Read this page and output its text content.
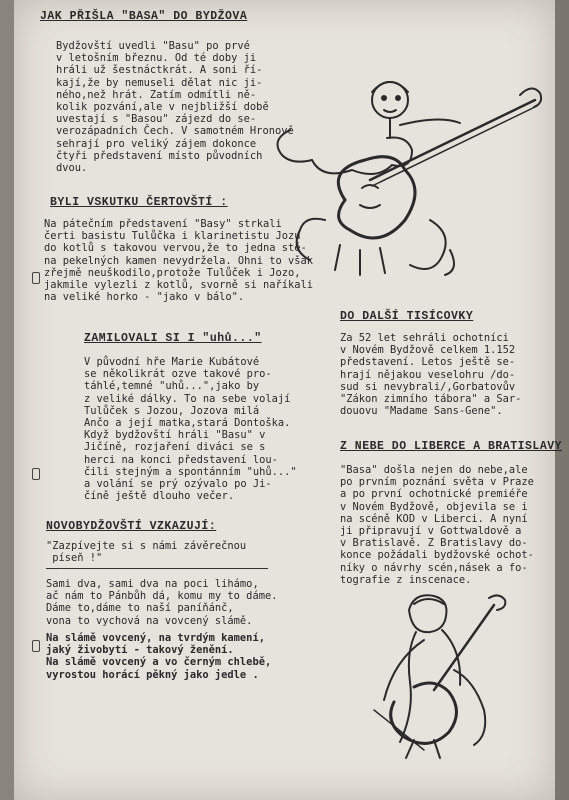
JAK PŘIŠLA "BASA" DO BYDŽOVA
Bydžovští uvedli "Basu" po prvé
v letošním březnu. Od té doby ji
hráli už šestnáctkrát. A soni ří-
kají,že by nemuseli dělat nic ji-
ného,než hrát. Zatím odmítli ně-
kolik pozvání,ale v nejbližší době
uvestají s "Basou" zájezd do se-
verozápadních Čech. V samotném Hronově
sehrají pro veliký zájem dokonce
čtyři představení místo původních
dvou.
BYLI VSKUTKU ČERTOVŠTÍ :
Na pátečním představení "Basy" strkali
čerti basistu Tulůčka i klarinetistu Jozu
do kotlů s takovou vervou,že to jedna stě-
na pekelných kamen nevydržela. Ohni to však
zřejmě neuškodilo,protože Tulůček i Jozo,
jakmile vylezli z kotlů, svorně si naříkali
na veliké horko - "jako v bálo".
ZAMILOVALI SI I "uhů..."
V původní hře Marie Kubátové
se několikrát ozve takové pro-
táhlé,temné "uhů...",jako by
z veliké dálky. To na sebe volají
Tulůček s Jozou, Jozova milá
Ančo a její matka,stará Dontoška.
Když bydžovští hráli "Basu" v
Jičíně, rozjaření diváci se s
herci na konci představení lou-
čili stejným a spontánním "uhů..."
a volání se prý ozývalo po Ji-
číně ještě dlouho večer.
DO DALŠÍ TISÍCOVKY
Za 52 let sehráli ochotníci
v Novém Bydžově celkem 1.152
představení. Letos ještě se-
hrají nějakou veselohru /do-
sud si nevybrali/,Gorbatovův
"Zákon zimního tábora" a Sar-
douovu "Madame Sans-Gene".
Z NEBE DO LIBERCE A BRATISLAVY
"Basa" došla nejen do nebe,ale
po prvním poznání světa v Praze
a po první ochotnické premiéře
v Novém Bydžově, objevila se i
na scéně KOD v Liberci. A nyní
ji připravují v Gottwaldově a
v Bratislavě. Z Bratislavy do-
konce požádali bydžovské ochot-
níky o návrhy scén,násek a fo-
tografie z inscenace.
NOVOBYDŽOVŠTÍ VZKAZUJÍ:
"Zazpívejte si s námi závěrečnou
píseň !"
Sami dva, sami dva na poci lihámo,
ač nám to Pánbůh dá, komu my to dáme.
Dáme to,dáme to naší paníňánč,
vona to vychová na vovcený slámě.
Na slámě vovcený, na tvrdým kamení,
jaký živobytí - takový ženění.
Na slámě vovcený a vo černým chlebě,
vyrostou horácí pěkný jako jedle .
